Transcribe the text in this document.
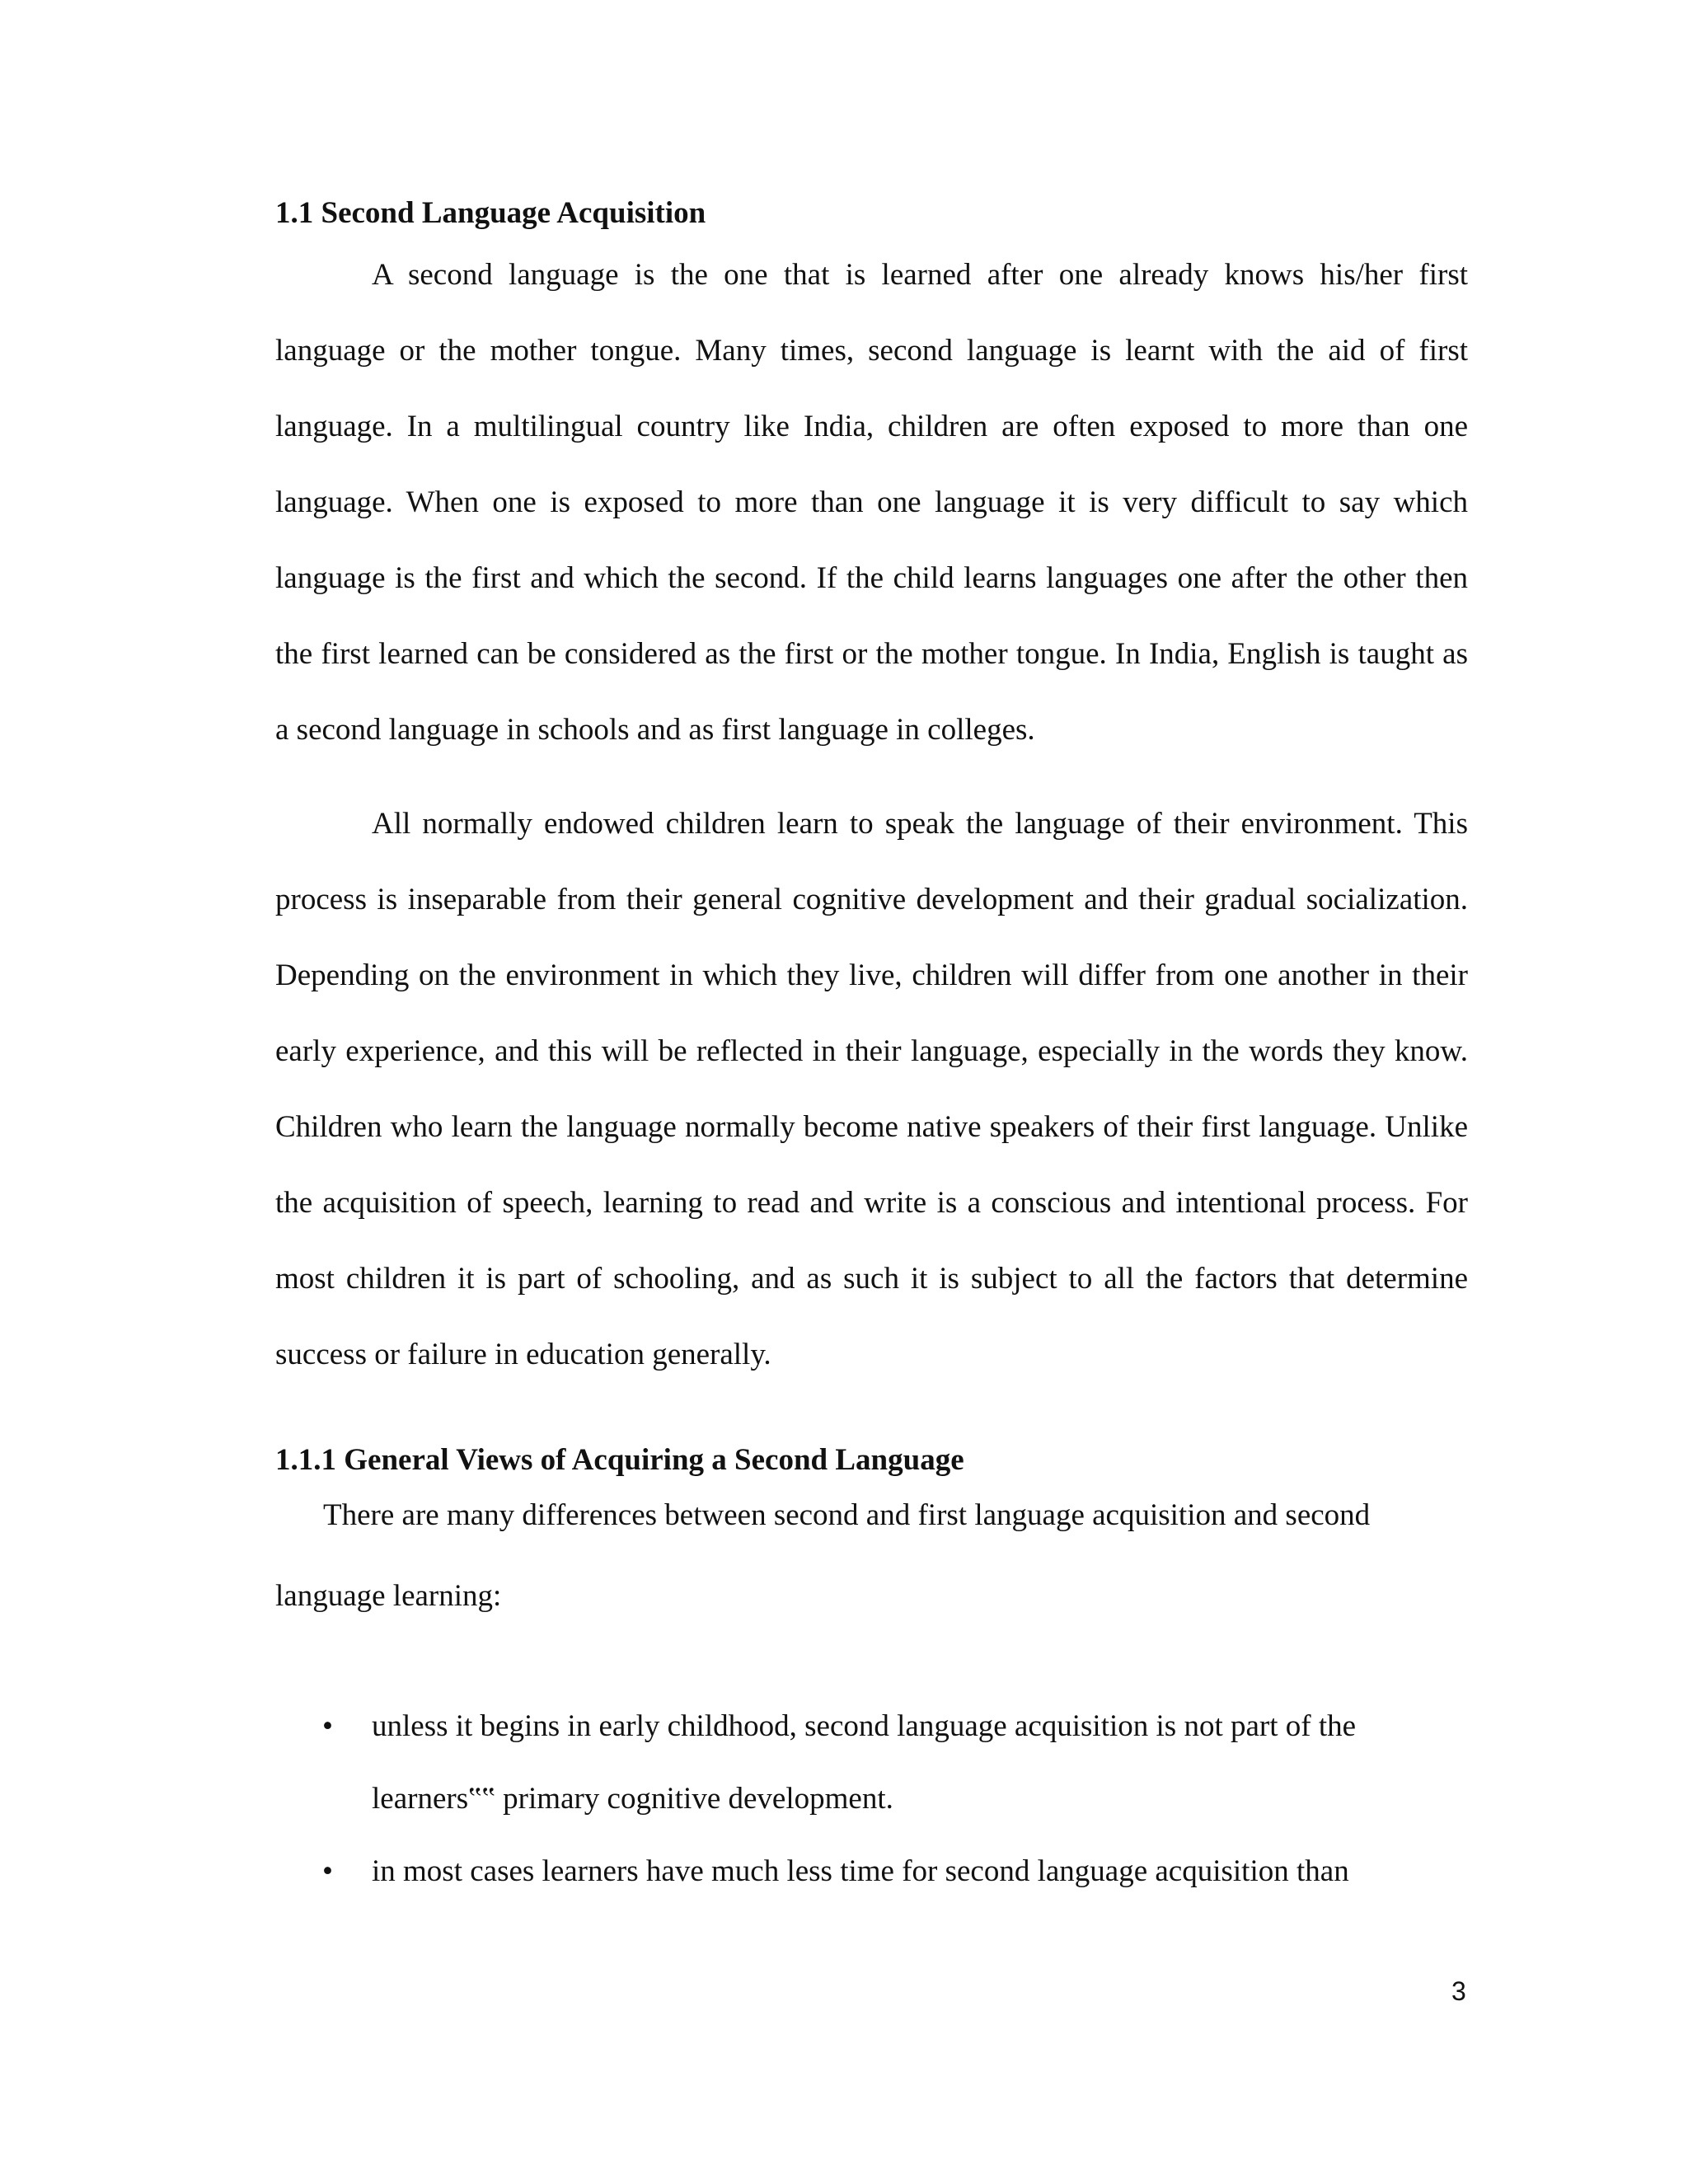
1.1 Second Language Acquisition

A second language is the one that is learned after one already knows his/her first language or the mother tongue. Many times, second language is learnt with the aid of first language. In a multilingual country like India, children are often exposed to more than one language. When one is exposed to more than one language it is very difficult to say which language is the first and which the second. If the child learns languages one after the other then the first learned can be considered as the first or the mother tongue. In India, English is taught as a second language in schools and as first language in colleges.

All normally endowed children learn to speak the language of their environment. This process is inseparable from their general cognitive development and their gradual socialization. Depending on the environment in which they live, children will differ from one another in their early experience, and this will be reflected in their language, especially in the words they know. Children who learn the language normally become native speakers of their first language. Unlike the acquisition of speech, learning to read and write is a conscious and intentional process. For most children it is part of schooling, and as such it is subject to all the factors that determine success or failure in education generally.

1.1.1 General Views of Acquiring a Second Language

There are many differences between second and first language acquisition and second language learning:

• unless it begins in early childhood, second language acquisition is not part of the learners‟‟ primary cognitive development.
• in most cases learners have much less time for second language acquisition than
3
